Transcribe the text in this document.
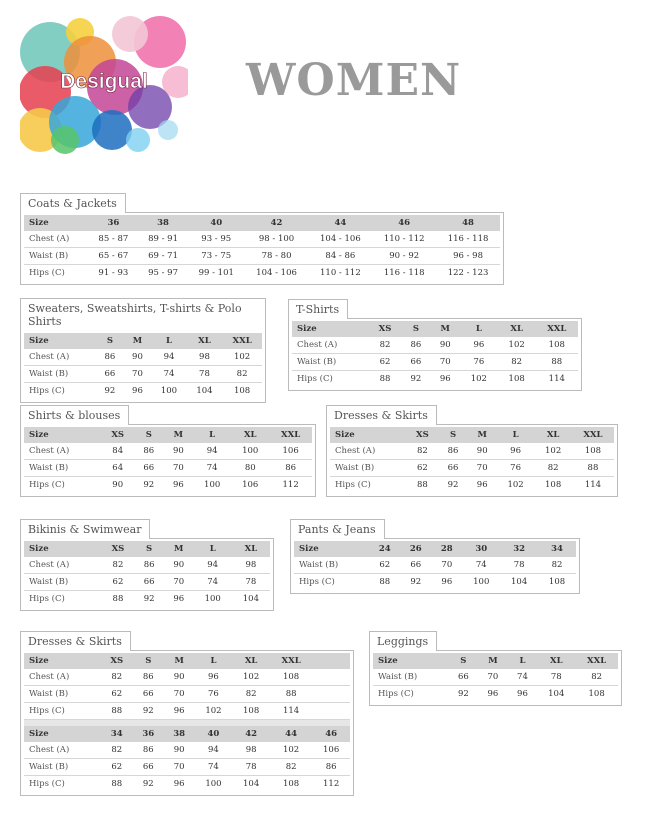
Desigual WOMEN
Coats & Jackets
Size	36	38	40	42	44	46	48
Chest (A)	85 - 87	89 - 91	93 - 95	98 - 100	104 - 106	110 - 112	116 - 118
Waist (B)	65 - 67	69 - 71	73 - 75	78 - 80	84 - 86	90 - 92	96 - 98
Hips (C)	91 - 93	95 - 97	99 - 101	104 - 106	110 - 112	116 - 118	122 - 123
Sweaters, Sweatshirts, T-shirts & Polo Shirts
Size	S	M	L	XL	XXL
Chest (A)	86	90	94	98	102
Waist (B)	66	70	74	78	82
Hips (C)	92	96	100	104	108
T-Shirts
Size	XS	S	M	L	XL	XXL
Chest (A)	82	86	90	96	102	108
Waist (B)	62	66	70	76	82	88
Hips (C)	88	92	96	102	108	114
Shirts & blouses
Size	XS	S	M	L	XL	XXL
Chest (A)	84	86	90	94	100	106
Waist (B)	64	66	70	74	80	86
Hips (C)	90	92	96	100	106	112
Dresses & Skirts
Size	XS	S	M	L	XL	XXL
Chest (A)	82	86	90	96	102	108
Waist (B)	62	66	70	76	82	88
Hips (C)	88	92	96	102	108	114
Bikinis & Swimwear
Size	XS	S	M	L	XL
Chest (A)	82	86	90	94	98
Waist (B)	62	66	70	74	78
Hips (C)	88	92	96	100	104
Pants & Jeans
Size	24	26	28	30	32	34
Waist (B)	62	66	70	74	78	82
Hips (C)	88	92	96	100	104	108
Dresses & Skirts
Size	XS	S	M	L	XL	XXL	
Chest (A)	82	86	90	96	102	108	
Waist (B)	62	66	70	76	82	88	
Hips (C)	88	92	96	102	108	114	

Size	34	36	38	40	42	44	46
Chest (A)	82	86	90	94	98	102	106
Waist (B)	62	66	70	74	78	82	86
Hips (C)	88	92	96	100	104	108	112
Leggings
Size	S	M	L	XL	XXL
Waist (B)	66	70	74	78	82
Hips (C)	92	96	96	104	108
